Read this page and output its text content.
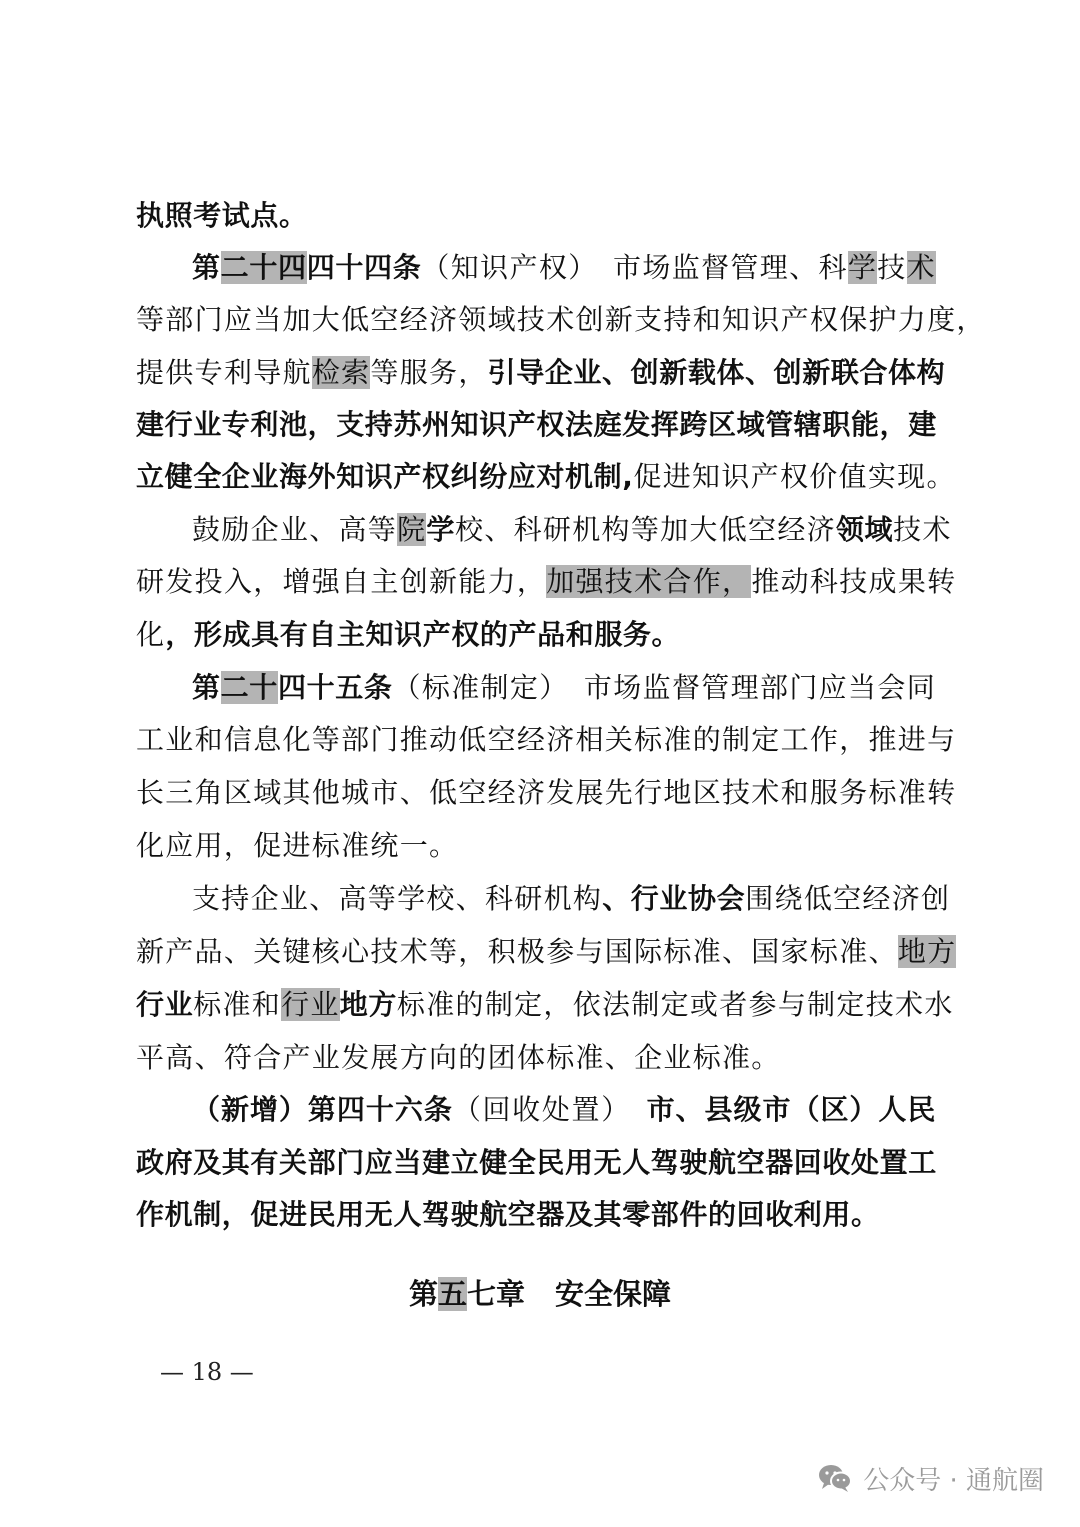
执照考试点。
第二十四四十四条（知识产权）　市场监督管理、科学技术
等部门应当加大低空经济领域技术创新支持和知识产权保护力度，
提供专利导航检索等服务，引导企业、创新载体、创新联合体构
建行业专利池，支持苏州知识产权法庭发挥跨区域管辖职能，建
立健全企业海外知识产权纠纷应对机制,促进知识产权价值实现。
鼓励企业、高等院学校、科研机构等加大低空经济领域技术
研发投入，增强自主创新能力，加强技术合作，推动科技成果转
化，形成具有自主知识产权的产品和服务。
第二十四十五条（标准制定）　市场监督管理部门应当会同
工业和信息化等部门推动低空经济相关标准的制定工作，推进与
长三角区域其他城市、低空经济发展先行地区技术和服务标准转
化应用，促进标准统一。
支持企业、高等学校、科研机构、行业协会围绕低空经济创
新产品、关键核心技术等，积极参与国际标准、国家标准、地方
行业标准和行业地方标准的制定，依法制定或者参与制定技术水
平高、符合产业发展方向的团体标准、企业标准。
（新增）第四十六条（回收处置）　市、县级市（区）人民
政府及其有关部门应当建立健全民用无人驾驶航空器回收处置工
作机制，促进民用无人驾驶航空器及其零部件的回收利用。
第五七章 安全保障
— 18 —
公众号 · 通航圈
